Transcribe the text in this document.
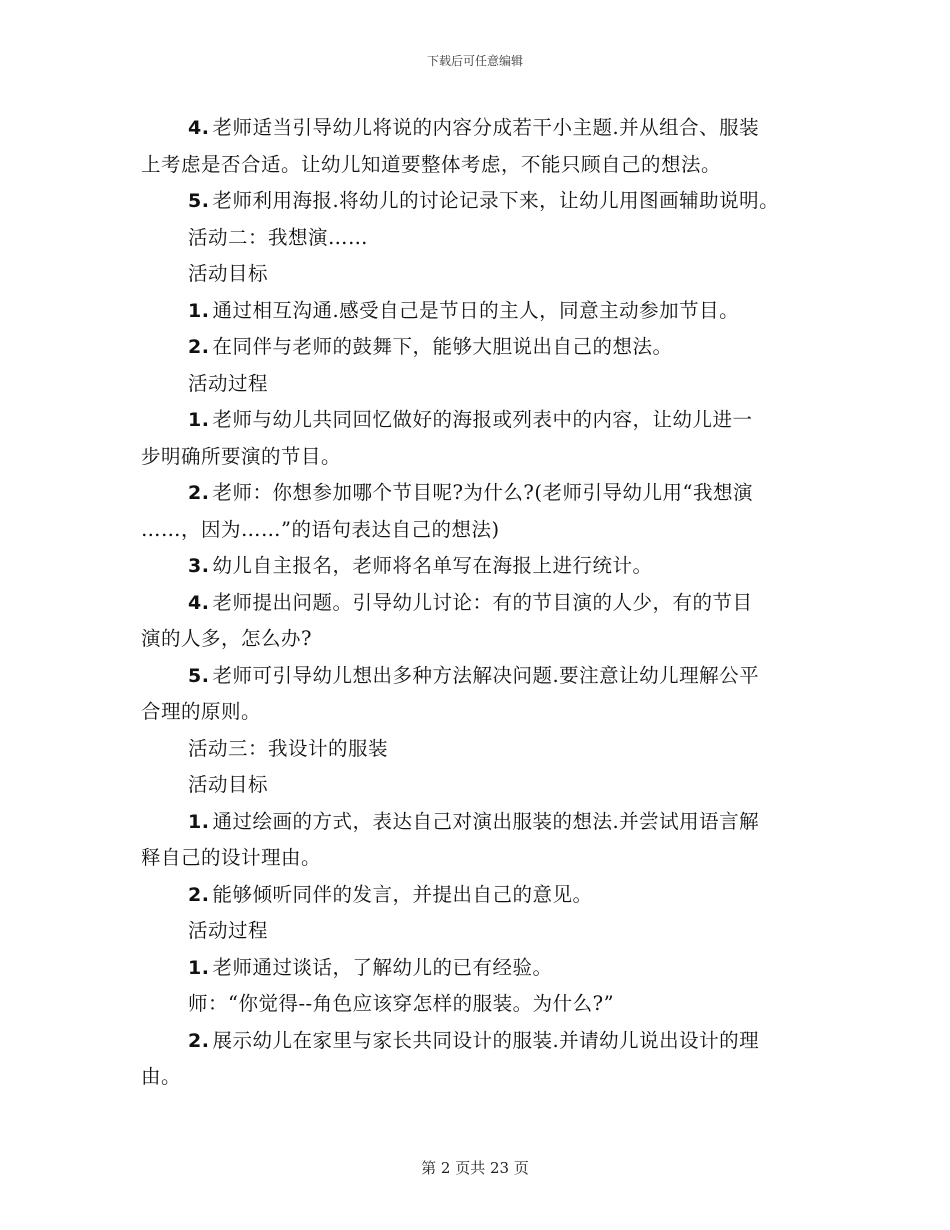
下载后可任意编辑
4. 老师适当引导幼儿将说的内容分成若干小主题.并从组合、服装
上考虑是否合适。让幼儿知道要整体考虑，不能只顾自己的想法。
5. 老师利用海报.将幼儿的讨论记录下来，让幼儿用图画辅助说明。
活动二：我想演……
活动目标
1. 通过相互沟通.感受自己是节日的主人，同意主动参加节目。
2. 在同伴与老师的鼓舞下，能够大胆说出自己的想法。
活动过程
1. 老师与幼儿共同回忆做好的海报或列表中的内容，让幼儿进一
步明确所要演的节目。
2. 老师：你想参加哪个节目呢?为什么?(老师引导幼儿用“我想演
……，因为……”的语句表达自己的想法)
3. 幼儿自主报名，老师将名单写在海报上进行统计。
4. 老师提出问题。引导幼儿讨论：有的节目演的人少，有的节目
演的人多，怎么办?
5. 老师可引导幼儿想出多种方法解决问题.要注意让幼儿理解公平
合理的原则。
活动三：我设计的服装
活动目标
1. 通过绘画的方式，表达自己对演出服装的想法.并尝试用语言解
释自己的设计理由。
2. 能够倾听同伴的发言，并提出自己的意见。
活动过程
1. 老师通过谈话，了解幼儿的已有经验。
师：“你觉得--角色应该穿怎样的服装。为什么?”
2. 展示幼儿在家里与家长共同设计的服装.并请幼儿说出设计的理
由。
第 2 页共 23 页
